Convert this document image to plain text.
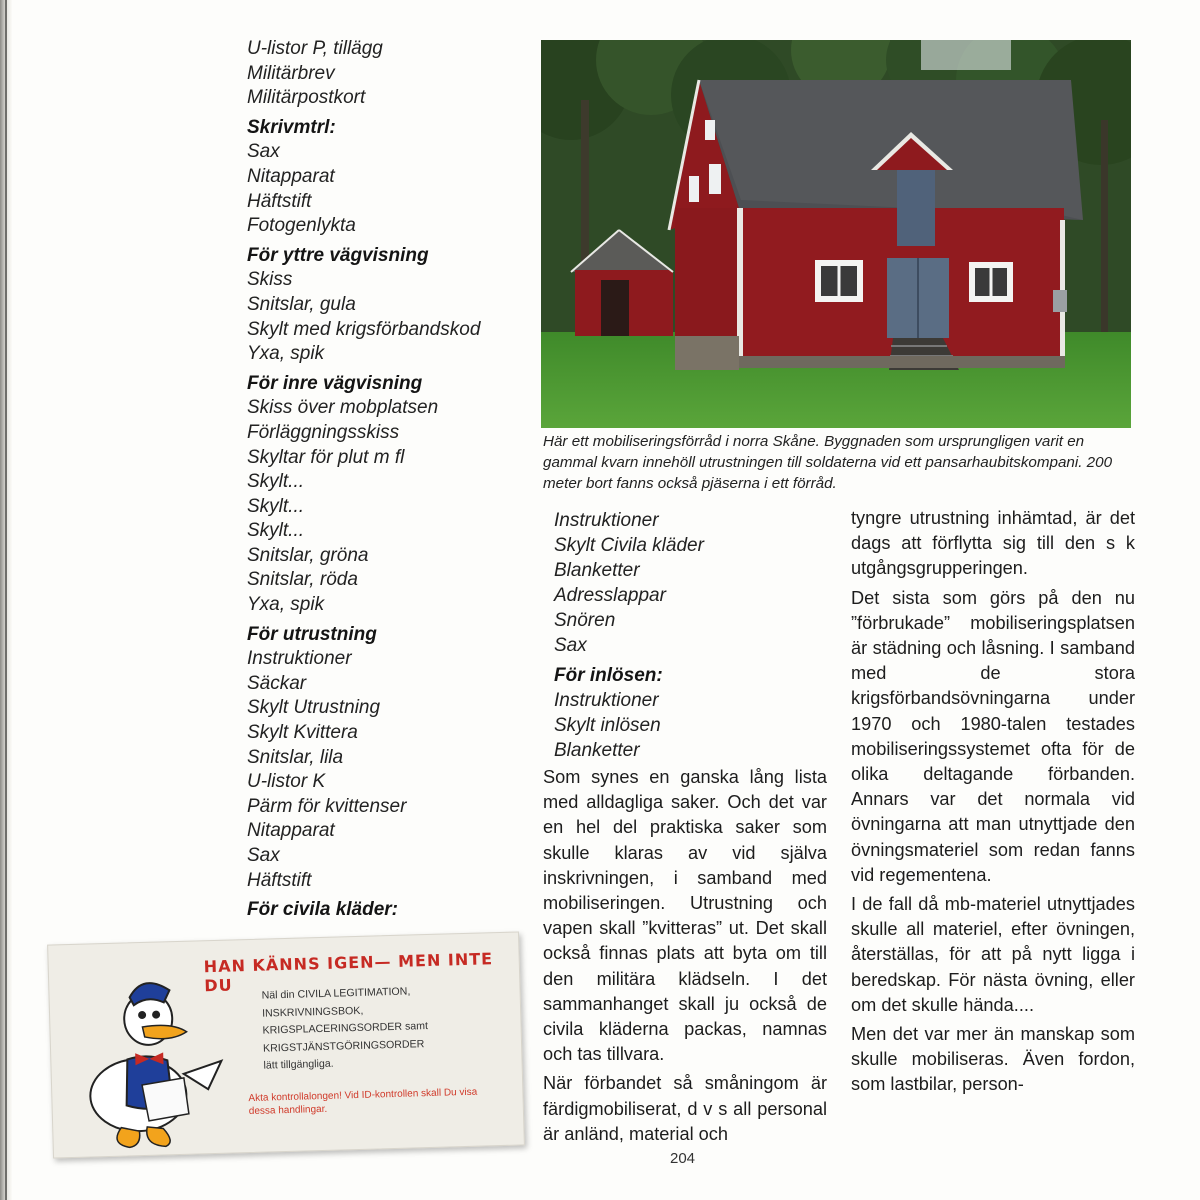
U-listor P, tillägg
Militärbrev
Militärpostkort
Skrivmtrl:
Sax
Nitapparat
Häftstift
Fotogenlykta
För yttre vägvisning
Skiss
Snitslar, gula
Skylt med krigsförbandskod
Yxa, spik
För inre vägvisning
Skiss över mobplatsen
Förläggningsskiss
Skyltar för plut m fl
Skylt...
Skylt...
Skylt...
Snitslar, gröna
Snitslar, röda
Yxa, spik
För utrustning
Instruktioner
Säckar
Skylt Utrustning
Skylt Kvittera
Snitslar, lila
U-listor K
Pärm för kvittenser
Nitapparat
Sax
Häftstift
För civila kläder:
Här ett mobiliseringsförråd i norra Skåne. Byggnaden som ursprungligen varit en gammal kvarn innehöll utrustningen till soldaterna vid ett pansarhaubitskompani. 200 meter bort fanns också pjäserna i ett förråd.
Instruktioner
Skylt Civila kläder
Blanketter
Adresslappar
Snören
Sax
För inlösen:
Instruktioner
Skylt inlösen
Blanketter

Som synes en ganska lång lista med alldagliga saker. Och det var en hel del praktiska saker som skulle klaras av vid själva inskrivningen, i samband med mobiliseringen. Utrustning och vapen skall ”kvitteras” ut. Det skall också finnas plats att byta om till den militära klädseln. I det sammanhanget skall ju också de civila kläderna packas, namnas och tas tillvara.

När förbandet så småningom är färdigmobiliserat, d v s all personal är anländ, material och

tyngre utrustning inhämtad, är det dags att förflytta sig till den s k utgångsgrupperingen.

Det sista som görs på den nu ”förbrukade” mobiliseringsplatsen är städning och låsning. I samband med de stora krigsförbandsövningarna under 1970 och 1980-talen testades mobiliseringssystemet ofta för de olika deltagande förbanden. Annars var det normala vid övningarna att man utnyttjade den övningsmateriel som redan fanns vid regementena.

I de fall då mb-materiel utnyttjades skulle all materiel, efter övningen, återställas, för att på nytt ligga i beredskap. För nästa övning, eller om det skulle hända....

Men det var mer än manskap som skulle mobiliseras. Även fordon, som lastbilar, person-

HAN KÄNNS IGEN— MEN INTE DU	Näl din CIVILA LEGITIMATION,
INSKRIVNINGSBOK,
KRIGSPLACERINGSORDER samt
KRIGSTJÄNSTGÖRINGSORDER
lätt tillgängliga.
Akta kontrollalongen! Vid ID-kontrollen skall Du visa dessa handlingar.
204
